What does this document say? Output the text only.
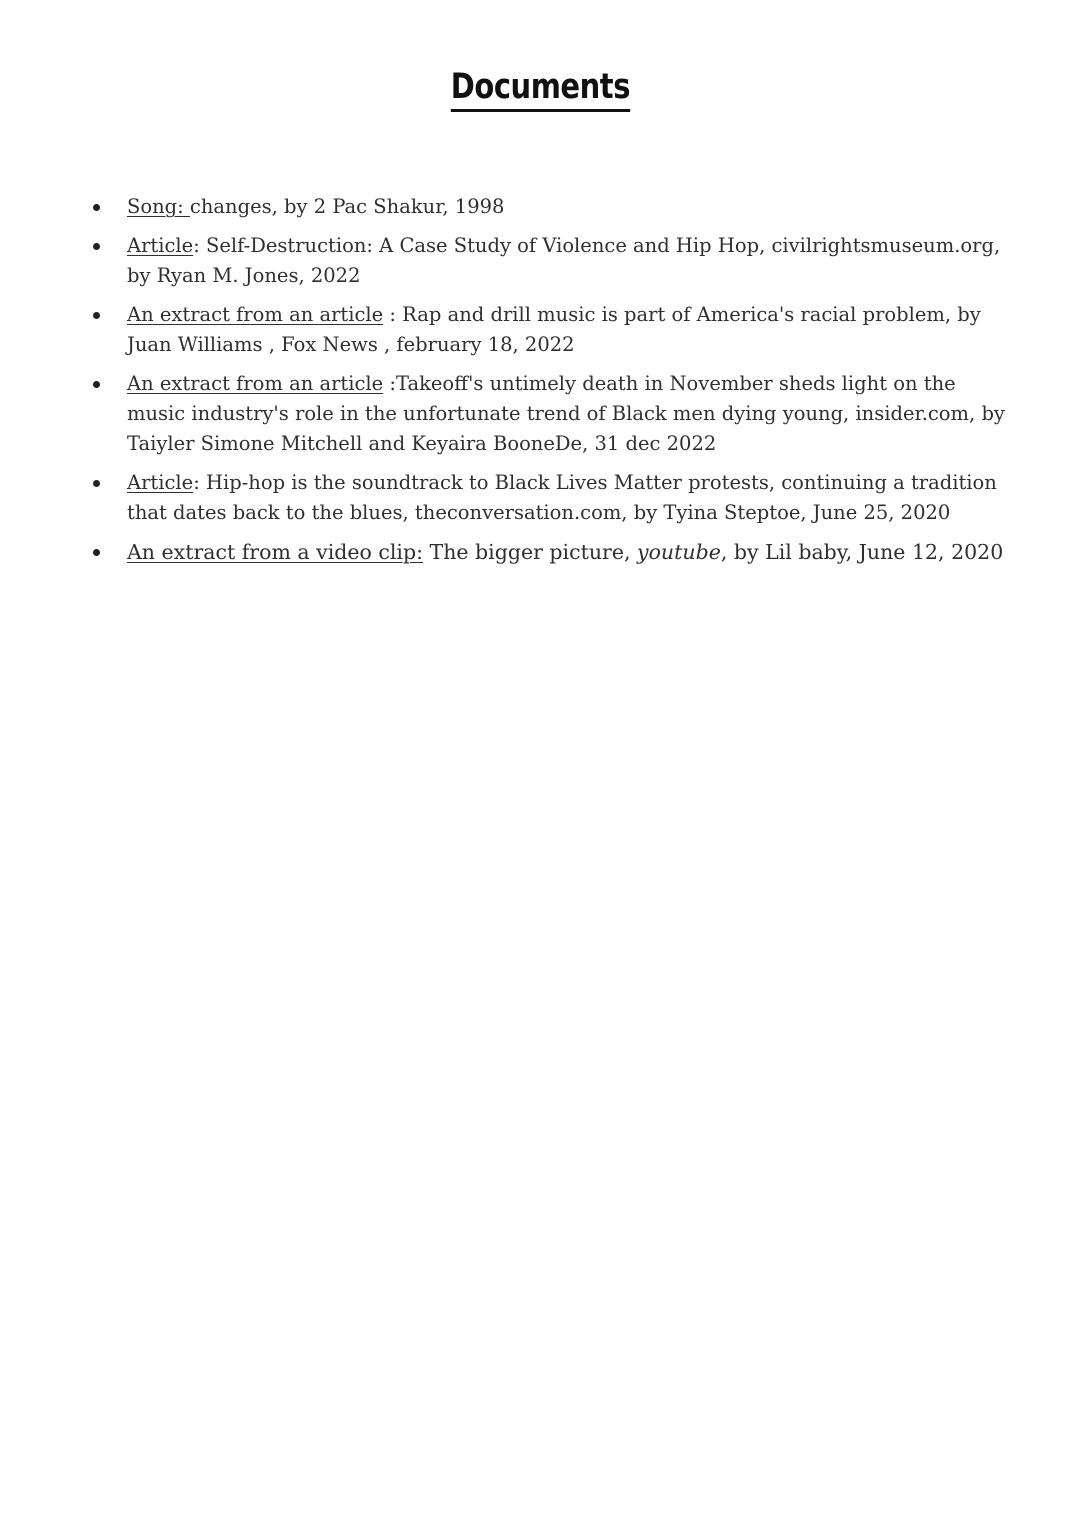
Documents
Song: changes, by 2 Pac Shakur, 1998
Article: Self-Destruction: A Case Study of Violence and Hip Hop, civilrightsmuseum.org, by Ryan M. Jones, 2022
An extract from an article : Rap and drill music is part of America's racial problem, by Juan Williams , Fox News , february 18, 2022
An extract from an article :Takeoff's untimely death in November sheds light on the music industry's role in the unfortunate trend of Black men dying young, insider.com, by Taiyler Simone Mitchell and Keyaira BooneDe, 31 dec 2022
Article: Hip-hop is the soundtrack to Black Lives Matter protests, continuing a tradition that dates back to the blues, theconversation.com, by Tyina Steptoe, June 25, 2020
An extract from a video clip: The bigger picture, youtube, by Lil baby, June 12, 2020
